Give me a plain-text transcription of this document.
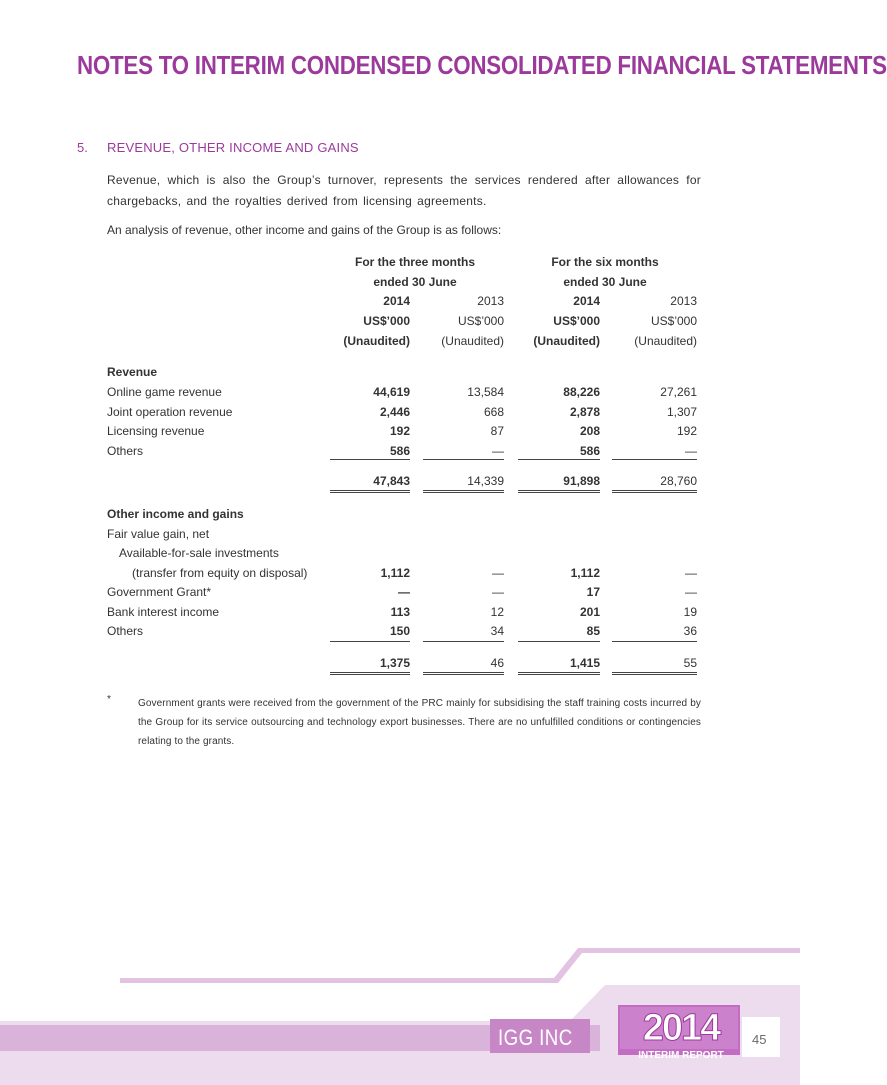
NOTES TO INTERIM CONDENSED CONSOLIDATED FINANCIAL STATEMENTS
5. REVENUE, OTHER INCOME AND GAINS
Revenue, which is also the Group’s turnover, represents the services rendered after allowances for chargebacks, and the royalties derived from licensing agreements.
An analysis of revenue, other income and gains of the Group is as follows:
For the three months
ended 30 June
For the six months
ended 30 June
2014	2013	2014	2013
US$’000	US$’000	US$’000	US$’000
(Unaudited)	(Unaudited)	(Unaudited)	(Unaudited)
Revenue
Online game revenue	44,619	13,584	88,226	27,261
Joint operation revenue	2,446	668	2,878	1,307
Licensing revenue	192	87	208	192
Others	586	—	586	—
47,843	14,339	91,898	28,760
Other income and gains
Fair value gain, net
Available-for-sale investments
(transfer from equity on disposal)	1,112	—	1,112	—
Government Grant*	—	—	17	—
Bank interest income	113	12	201	19
Others	150	34	85	36
1,375	46	1,415	55
*	Government grants were received from the government of the PRC mainly for subsidising the staff training costs incurred by the Group for its service outsourcing and technology export businesses. There are no unfulfilled conditions or contingencies relating to the grants.
IGG INC	2014
INTERIM REPORT
45
